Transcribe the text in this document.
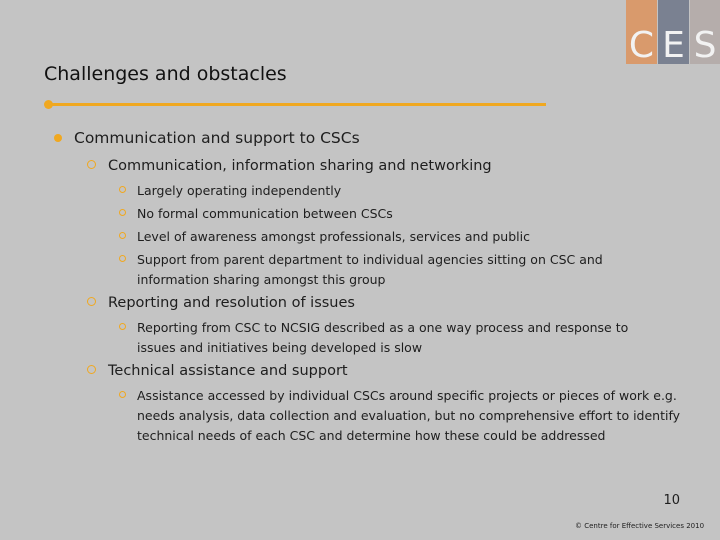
C E S
Challenges and obstacles
Communication and support to CSCs
Communication, information sharing and networking
Largely operating independently
No formal communication between CSCs
Level of awareness amongst professionals, services and public
Support from parent department to individual agencies sitting on CSC and information sharing amongst this group
Reporting and resolution of issues
Reporting from CSC to NCSIG described as a one way process and response to issues and initiatives being developed is slow
Technical assistance and support
Assistance accessed by individual CSCs around specific projects or pieces of work e.g. needs analysis, data collection and evaluation, but no comprehensive effort to identify technical needs of each CSC and determine how these could be addressed
10
© Centre for Effective Services 2010
